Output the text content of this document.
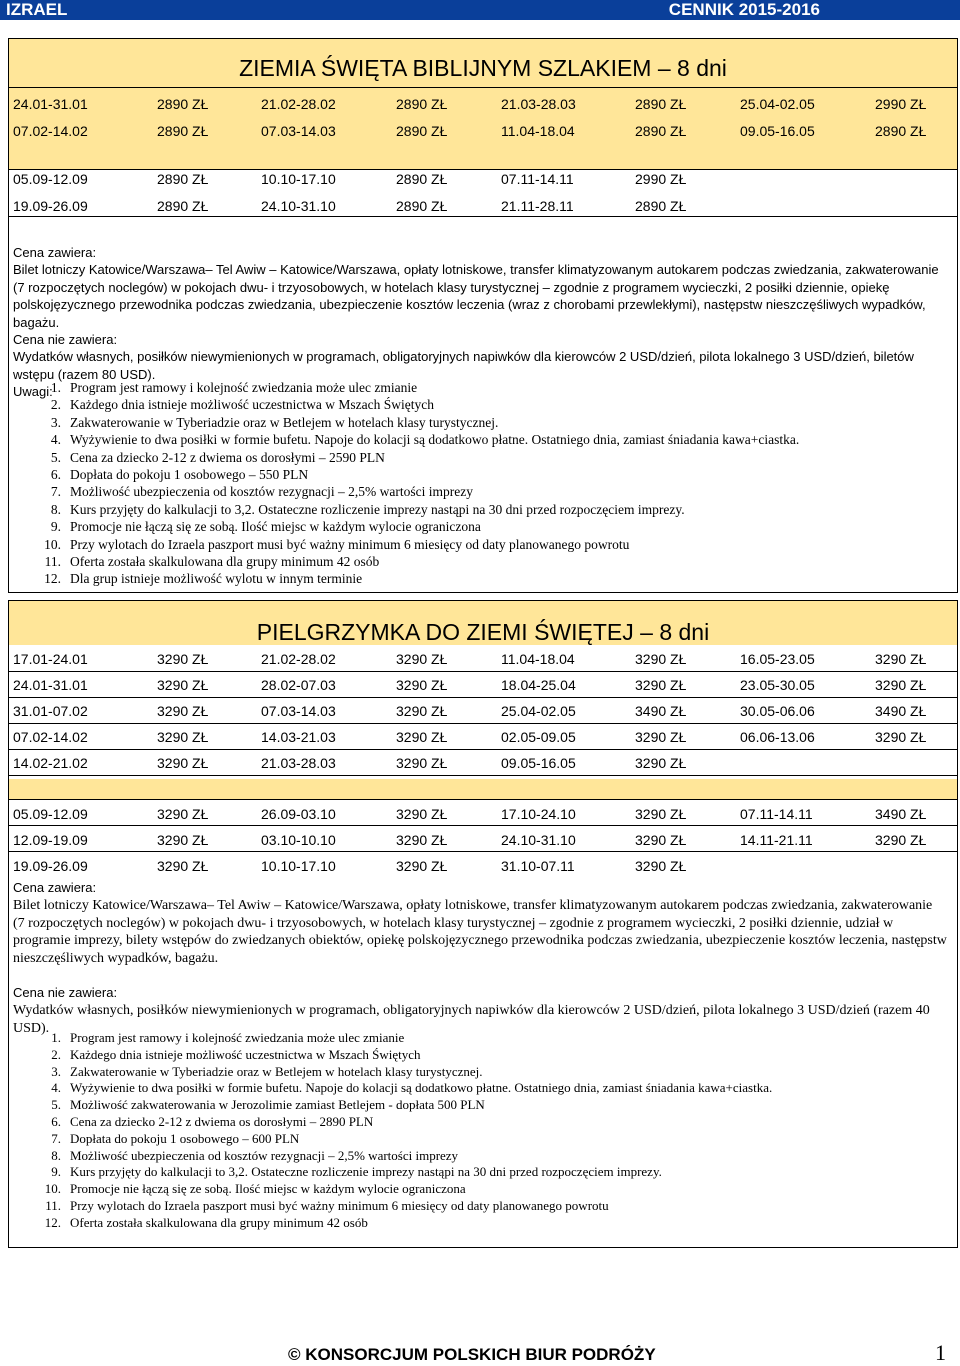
IZRAEL	CENNIK 2015-2016
ZIEMIA ŚWIĘTA BIBLIJNYM SZLAKIEM – 8 dni
24.01-31.01	2890 ZŁ	21.02-28.02	2890 ZŁ	21.03-28.03	2890 ZŁ	25.04-02.05	2990 ZŁ
07.02-14.02	2890 ZŁ	07.03-14.03	2890 ZŁ	11.04-18.04	2890 ZŁ	09.05-16.05	2890 ZŁ
05.09-12.09	2890 ZŁ	10.10-17.10	2890 ZŁ	07.11-14.11	2990 ZŁ
19.09-26.09	2890 ZŁ	24.10-31.10	2890 ZŁ	21.11-28.11	2890 ZŁ
Cena zawiera:
Bilet lotniczy Katowice/Warszawa– Tel Awiw – Katowice/Warszawa, opłaty lotniskowe, transfer klimatyzowanym autokarem podczas zwiedzania, zakwaterowanie (7 rozpoczętych noclegów) w pokojach dwu- i trzyosobowych, w hotelach klasy turystycznej – zgodnie z programem wycieczki, 2 posiłki dziennie, opiekę polskojęzycznego przewodnika podczas zwiedzania, ubezpieczenie kosztów leczenia (wraz z chorobami przewlekłymi), następstw nieszczęśliwych wypadków, bagażu.
Cena nie zawiera:
Wydatków własnych, posiłków niewymienionych w programach, obligatoryjnych napiwków dla kierowców 2 USD/dzień, pilota lokalnego 3 USD/dzień, biletów wstępu (razem 80 USD).
Uwagi:
1. Program jest ramowy i kolejność zwiedzania może ulec zmianie
2. Każdego dnia istnieje możliwość uczestnictwa w Mszach Świętych
3. Zakwaterowanie w Tyberiadzie oraz w Betlejem w hotelach klasy turystycznej.
4. Wyżywienie to dwa posiłki w formie bufetu. Napoje do kolacji są dodatkowo płatne. Ostatniego dnia, zamiast śniadania kawa+ciastka.
5. Cena za dziecko 2-12 z dwiema os dorosłymi – 2590 PLN
6. Dopłata do pokoju 1 osobowego – 550 PLN
7. Możliwość ubezpieczenia od kosztów rezygnacji – 2,5% wartości imprezy
8. Kurs przyjęty do kalkulacji to 3,2. Ostateczne rozliczenie imprezy nastąpi na 30 dni przed rozpoczęciem imprezy.
9. Promocje nie łączą się ze sobą. Ilość miejsc w każdym wylocie ograniczona
10. Przy wylotach do Izraela paszport musi być ważny minimum 6 miesięcy od daty planowanego powrotu
11. Oferta została skalkulowana dla grupy minimum 42 osób
12. Dla grup istnieje możliwość wylotu w innym terminie
PIELGRZYMKA DO ZIEMI ŚWIĘTEJ – 8 dni
17.01-24.01	3290 ZŁ	21.02-28.02	3290 ZŁ	11.04-18.04	3290 ZŁ	16.05-23.05	3290 ZŁ
24.01-31.01	3290 ZŁ	28.02-07.03	3290 ZŁ	18.04-25.04	3290 ZŁ	23.05-30.05	3290 ZŁ
31.01-07.02	3290 ZŁ	07.03-14.03	3290 ZŁ	25.04-02.05	3490 ZŁ	30.05-06.06	3490 ZŁ
07.02-14.02	3290 ZŁ	14.03-21.03	3290 ZŁ	02.05-09.05	3290 ZŁ	06.06-13.06	3290 ZŁ
14.02-21.02	3290 ZŁ	21.03-28.03	3290 ZŁ	09.05-16.05	3290 ZŁ
05.09-12.09	3290 ZŁ	26.09-03.10	3290 ZŁ	17.10-24.10	3290 ZŁ	07.11-14.11	3490 ZŁ
12.09-19.09	3290 ZŁ	03.10-10.10	3290 ZŁ	24.10-31.10	3290 ZŁ	14.11-21.11	3290 ZŁ
19.09-26.09	3290 ZŁ	10.10-17.10	3290 ZŁ	31.10-07.11	3290 ZŁ
Cena zawiera:
Bilet lotniczy Katowice/Warszawa– Tel Awiw – Katowice/Warszawa, opłaty lotniskowe, transfer klimatyzowanym autokarem podczas zwiedzania, zakwaterowanie (7 rozpoczętych noclegów) w pokojach dwu- i trzyosobowych, w hotelach klasy turystycznej – zgodnie z programem wycieczki, 2 posiłki dziennie, udział w programie imprezy, bilety wstępów do zwiedzanych obiektów, opiekę polskojęzycznego przewodnika podczas zwiedzania, ubezpieczenie kosztów leczenia, następstw nieszczęśliwych wypadków, bagażu.
Cena nie zawiera:
Wydatków własnych, posiłków niewymienionych w programach, obligatoryjnych napiwków dla kierowców 2 USD/dzień, pilota lokalnego 3 USD/dzień (razem 40 USD).
1. Program jest ramowy i kolejność zwiedzania może ulec zmianie
2. Każdego dnia istnieje możliwość uczestnictwa w Mszach Świętych
3. Zakwaterowanie w Tyberiadzie oraz w Betlejem w hotelach klasy turystycznej.
4. Wyżywienie to dwa posiłki w formie bufetu. Napoje do kolacji są dodatkowo płatne. Ostatniego dnia, zamiast śniadania kawa+ciastka.
5. Możliwość zakwaterowania w Jerozolimie zamiast Betlejem - dopłata 500 PLN
6. Cena za dziecko 2-12 z dwiema os dorosłymi – 2890 PLN
7. Dopłata do pokoju 1 osobowego – 600 PLN
8. Możliwość ubezpieczenia od kosztów rezygnacji – 2,5% wartości imprezy
9. Kurs przyjęty do kalkulacji to 3,2. Ostateczne rozliczenie imprezy nastąpi na 30 dni przed rozpoczęciem imprezy.
10. Promocje nie łączą się ze sobą. Ilość miejsc w każdym wylocie ograniczona
11. Przy wylotach do Izraela paszport musi być ważny minimum 6 miesięcy od daty planowanego powrotu
12. Oferta została skalkulowana dla grupy minimum 42 osób
© KONSORCJUM POLSKICH BIUR PODRÓŻY	1
